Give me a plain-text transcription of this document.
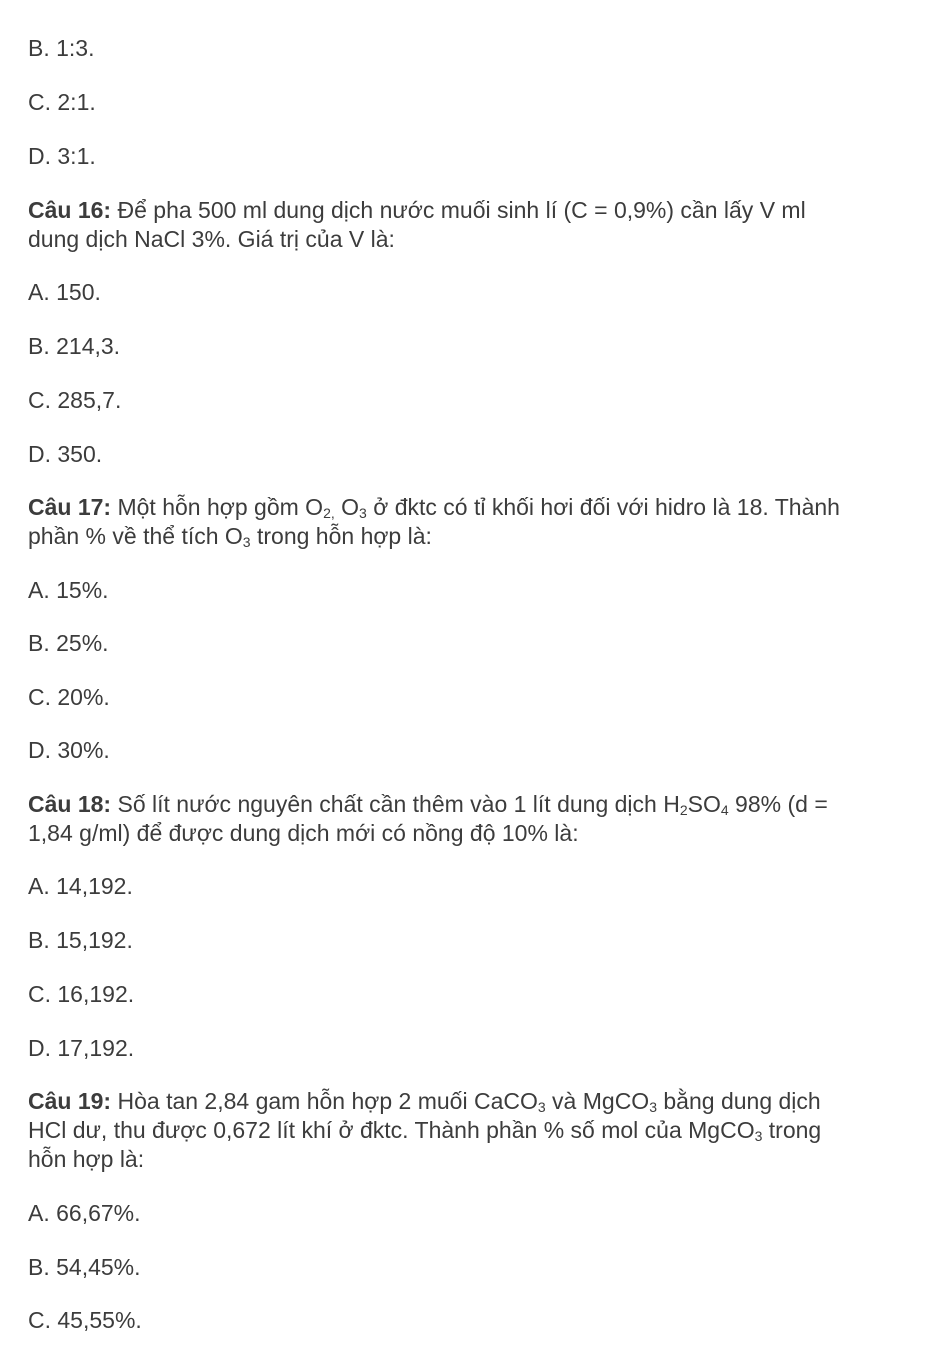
B. 1:3.
C. 2:1.
D. 3:1.
Câu 16: Để pha 500 ml dung dịch nước muối sinh lí (C = 0,9%) cần lấy V ml
dung dịch NaCl 3%. Giá trị của V là:
A. 150.
B. 214,3.
C. 285,7.
D. 350.
Câu 17: Một hỗn hợp gồm $O_{2,}$ $O_3$ ở đktc có tỉ khối hơi đối với hidro là 18. Thành
phần % về thể tích $O_3$ trong hỗn hợp là:
A. 15%.
B. 25%.
C. 20%.
D. 30%.
Câu 18: Số lít nước nguyên chất cần thêm vào 1 lít dung dịch $H_2SO_4$ 98% (d =
1,84 g/ml) để được dung dịch mới có nồng độ 10% là:
A. 14,192.
B. 15,192.
C. 16,192.
D. 17,192.
Câu 19: Hòa tan 2,84 gam hỗn hợp 2 muối CaCO$_3$ và MgCO$_3$ bằng dung dịch
HCl dư, thu được 0,672 lít khí ở đktc. Thành phần % số mol của MgCO$_3$ trong
hỗn hợp là:
A. 66,67%.
B. 54,45%.
C. 45,55%.
